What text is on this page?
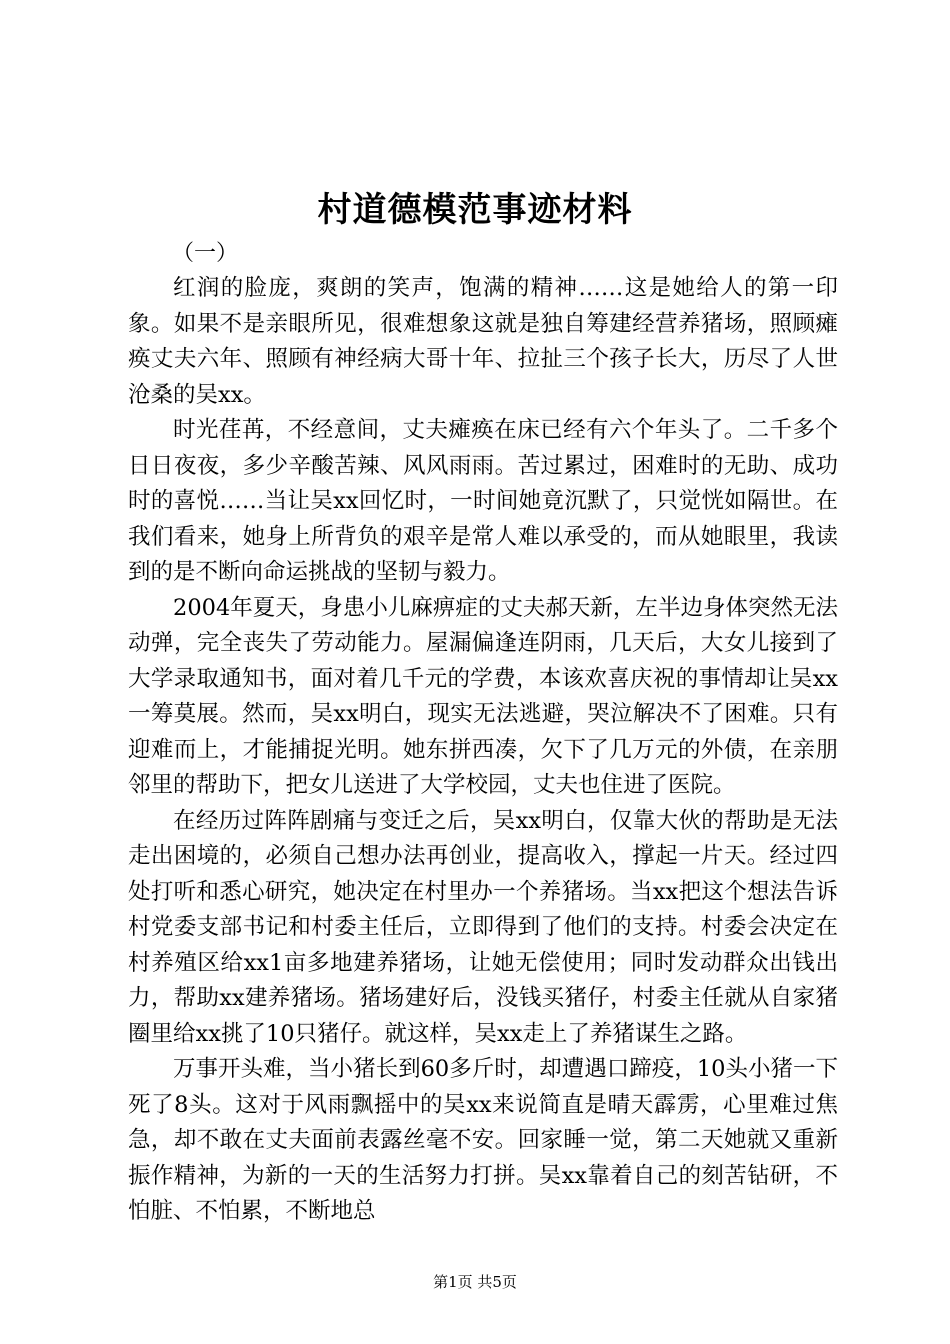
村道德模范事迹材料

（一）

红润的脸庞，爽朗的笑声，饱满的精神……这是她给人的第一印象。如果不是亲眼所见，很难想象这就是独自筹建经营养猪场，照顾瘫痪丈夫六年、照顾有神经病大哥十年、拉扯三个孩子长大，历尽了人世沧桑的吴xx。

时光荏苒，不经意间，丈夫瘫痪在床已经有六个年头了。二千多个日日夜夜，多少辛酸苦辣、风风雨雨。苦过累过，困难时的无助、成功时的喜悦……当让吴xx回忆时，一时间她竟沉默了，只觉恍如隔世。在我们看来，她身上所背负的艰辛是常人难以承受的，而从她眼里，我读到的是不断向命运挑战的坚韧与毅力。

2004年夏天，身患小儿麻痹症的丈夫郝天新，左半边身体突然无法动弹，完全丧失了劳动能力。屋漏偏逢连阴雨，几天后，大女儿接到了大学录取通知书，面对着几千元的学费，本该欢喜庆祝的事情却让吴xx一筹莫展。然而，吴xx明白，现实无法逃避，哭泣解决不了困难。只有迎难而上，才能捕捉光明。她东拼西凑，欠下了几万元的外债，在亲朋邻里的帮助下，把女儿送进了大学校园，丈夫也住进了医院。

在经历过阵阵剧痛与变迁之后，吴xx明白，仅靠大伙的帮助是无法走出困境的，必须自己想办法再创业，提高收入，撑起一片天。经过四处打听和悉心研究，她决定在村里办一个养猪场。当xx把这个想法告诉村党委支部书记和村委主任后，立即得到了他们的支持。村委会决定在村养殖区给xx1亩多地建养猪场，让她无偿使用；同时发动群众出钱出力，帮助xx建养猪场。猪场建好后，没钱买猪仔，村委主任就从自家猪圈里给xx挑了10只猪仔。就这样，吴xx走上了养猪谋生之路。

万事开头难，当小猪长到60多斤时，却遭遇口蹄疫，10头小猪一下死了8头。这对于风雨飘摇中的吴xx来说简直是晴天霹雳，心里难过焦急，却不敢在丈夫面前表露丝毫不安。回家睡一觉，第二天她就又重新振作精神，为新的一天的生活努力打拼。吴xx靠着自己的刻苦钻研，不怕脏、不怕累，不断地总

第1页 共5页
